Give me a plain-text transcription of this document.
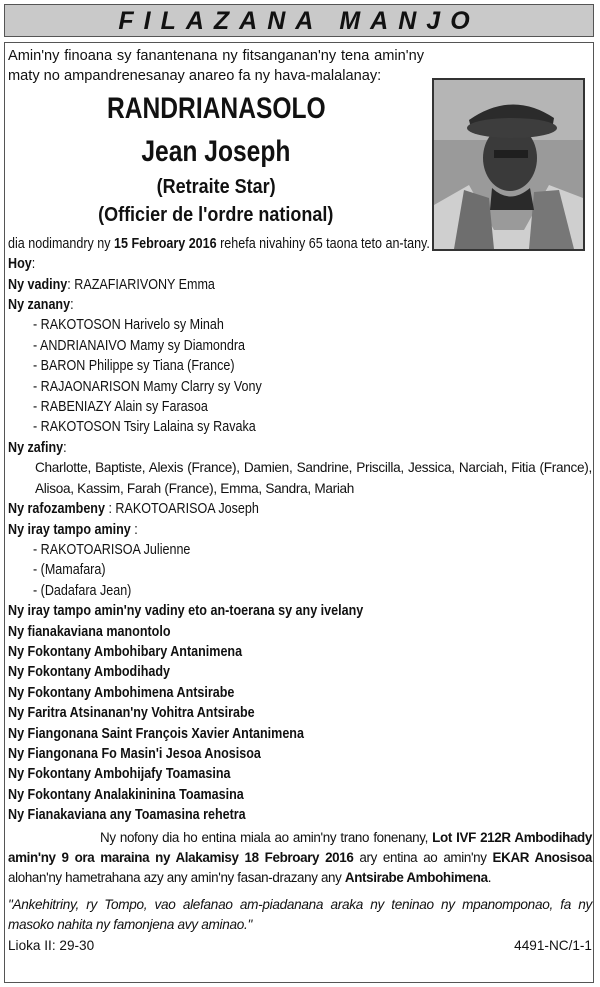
FILAZANA MANJO
Amin'ny finoana sy fanantenana ny fitsanganan'ny tena amin'ny maty no ampandrenesanay anareo fa ny hava-malalanay:
RANDRIANASOLO
Jean Joseph
(Retraite Star)
(Officier de l'ordre national)
dia nodimandry ny 15 Febroary 2016 rehefa nivahiny 65 taona teto an-tany.
Hoy:
Ny vadiny: RAZAFIARIVONY Emma
Ny zanany:
- RAKOTOSON Harivelo sy Minah
- ANDRIANAIVO Mamy sy Diamondra
- BARON Philippe sy Tiana (France)
- RAJAONARISON Mamy Clarry sy Vony
- RABENIAZY Alain sy Farasoa
- RAKOTOSON Tsiry Lalaina sy Ravaka
Ny zafiny:
Charlotte, Baptiste, Alexis (France), Damien, Sandrine, Priscilla, Jessica, Narciah, Fitia (France), Alisoa, Kassim, Farah (France), Emma, Sandra, Mariah
Ny rafozambeny : RAKOTOARISOA Joseph
Ny iray tampo aminy :
- RAKOTOARISOA Julienne
- (Mamafara)
- (Dadafara Jean)
Ny iray tampo amin'ny vadiny eto an-toerana sy any ivelany
Ny fianakaviana manontolo
Ny Fokontany Ambohibary Antanimena
Ny Fokontany Ambodihady
Ny Fokontany Ambohimena Antsirabe
Ny Faritra Atsinanan'ny Vohitra Antsirabe
Ny Fiangonana Saint François Xavier Antanimena
Ny Fiangonana Fo Masin'i Jesoa Anosisoa
Ny Fokontany Ambohijafy Toamasina
Ny Fokontany Analakininina Toamasina
Ny Fianakaviana any Toamasina rehetra
Ny nofony dia ho entina miala ao amin'ny trano fonenany, Lot IVF 212R Ambodihady amin'ny 9 ora maraina ny Alakamisy 18 Febroary 2016 ary entina ao amin'ny EKAR Anosisoa alohan'ny hametrahana azy any amin'ny fasan-drazany any Antsirabe Ambohimena.
"Ankehitriny, ry Tompo, vao alefanao am-piadanana araka ny teninao ny mpanomponao, fa ny masoko nahita ny famonjena avy aminao."
Lioka II: 29-30	4491-NC/1-1
